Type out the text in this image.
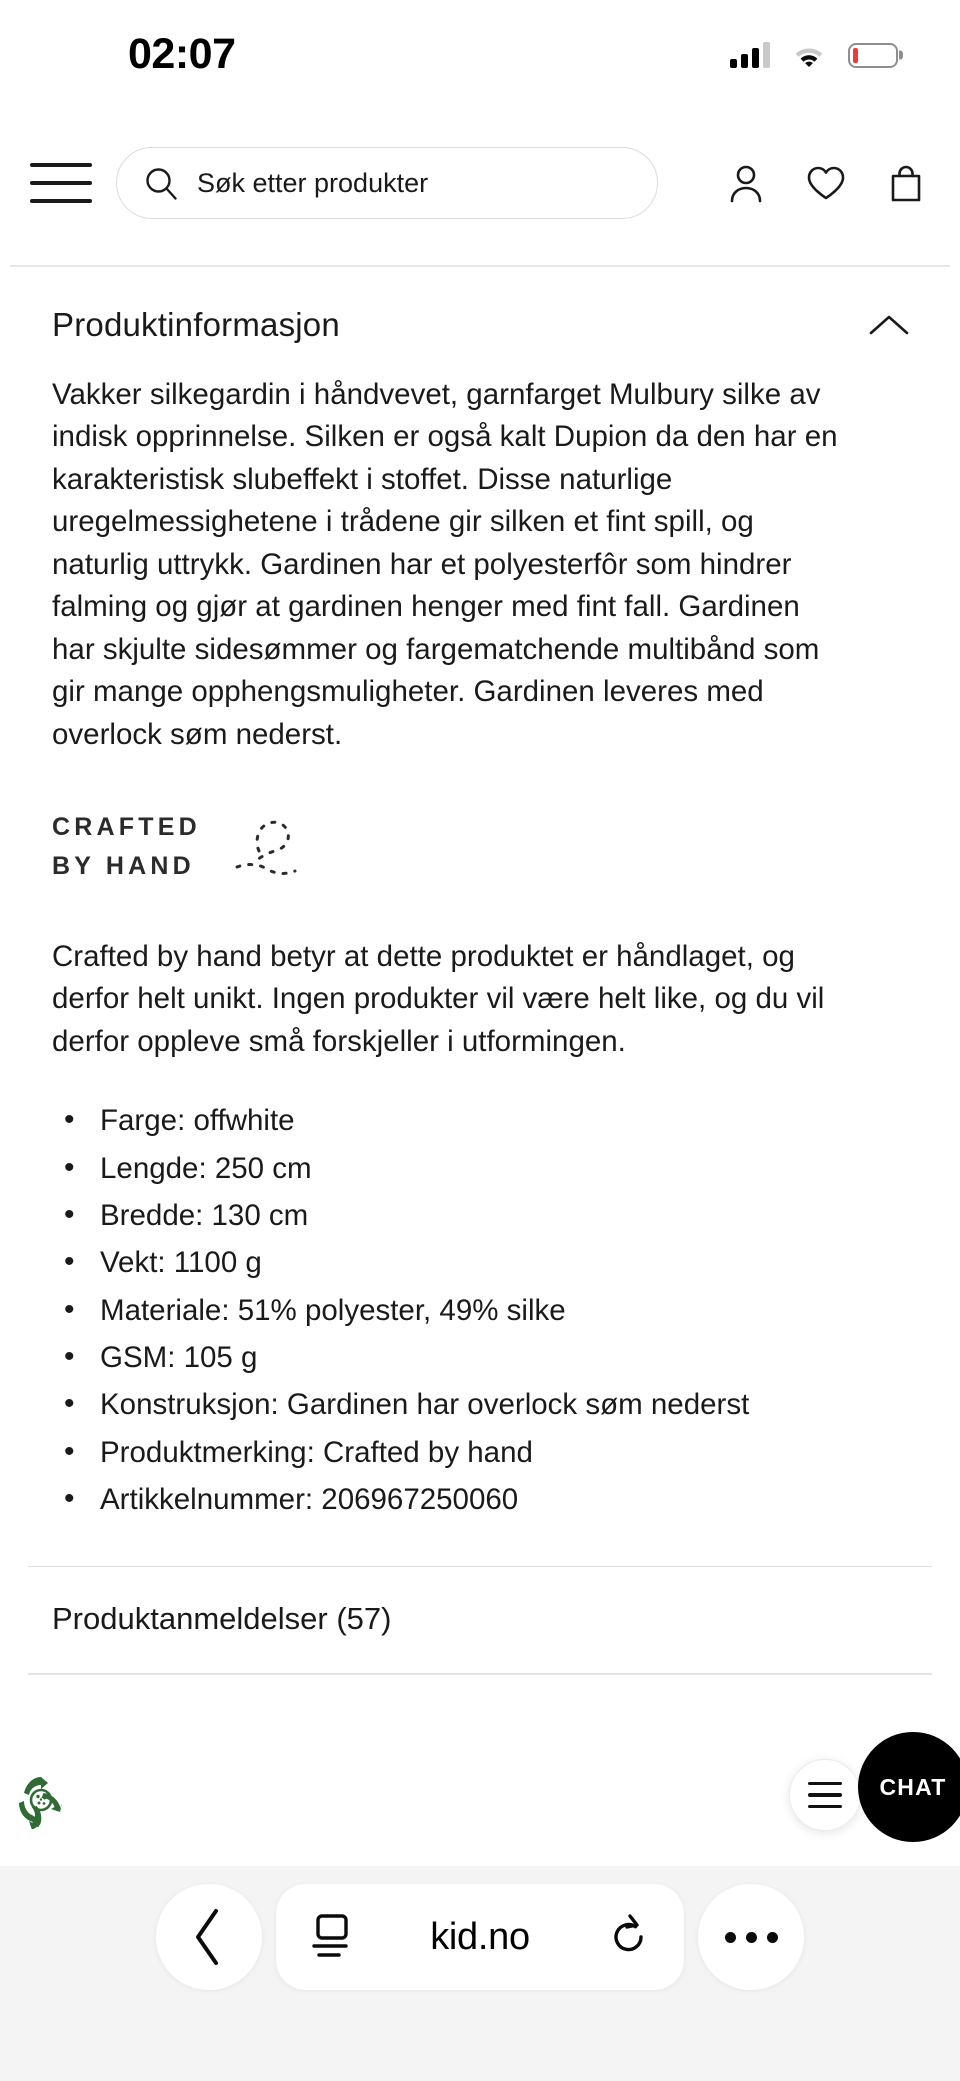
02:07
Søk etter produkter
Produktinformasjon
Vakker silkegardin i håndvevet, garnfarget Mulbury silke av indisk opprinnelse. Silken er også kalt Dupion da den har en karakteristisk slubeffekt i stoffet. Disse naturlige uregelmessighetene i trådene gir silken et fint spill, og naturlig uttrykk. Gardinen har et polyesterfôr som hindrer falming og gjør at gardinen henger med fint fall. Gardinen har skjulte sidesømmer og fargematchende multibånd som gir mange opphengsmuligheter. Gardinen leveres med overlock søm nederst.
CRAFTED
BY HAND
Crafted by hand betyr at dette produktet er håndlaget, og derfor helt unikt. Ingen produkter vil være helt like, og du vil derfor oppleve små forskjeller i utformingen.
• Farge: offwhite
• Lengde: 250 cm
• Bredde: 130 cm
• Vekt: 1100 g
• Materiale: 51% polyester, 49% silke
• GSM: 105 g
• Konstruksjon: Gardinen har overlock søm nederst
• Produktmerking: Crafted by hand
• Artikkelnummer: 206967250060
Produktanmeldelser (57)
CHAT
kid.no
